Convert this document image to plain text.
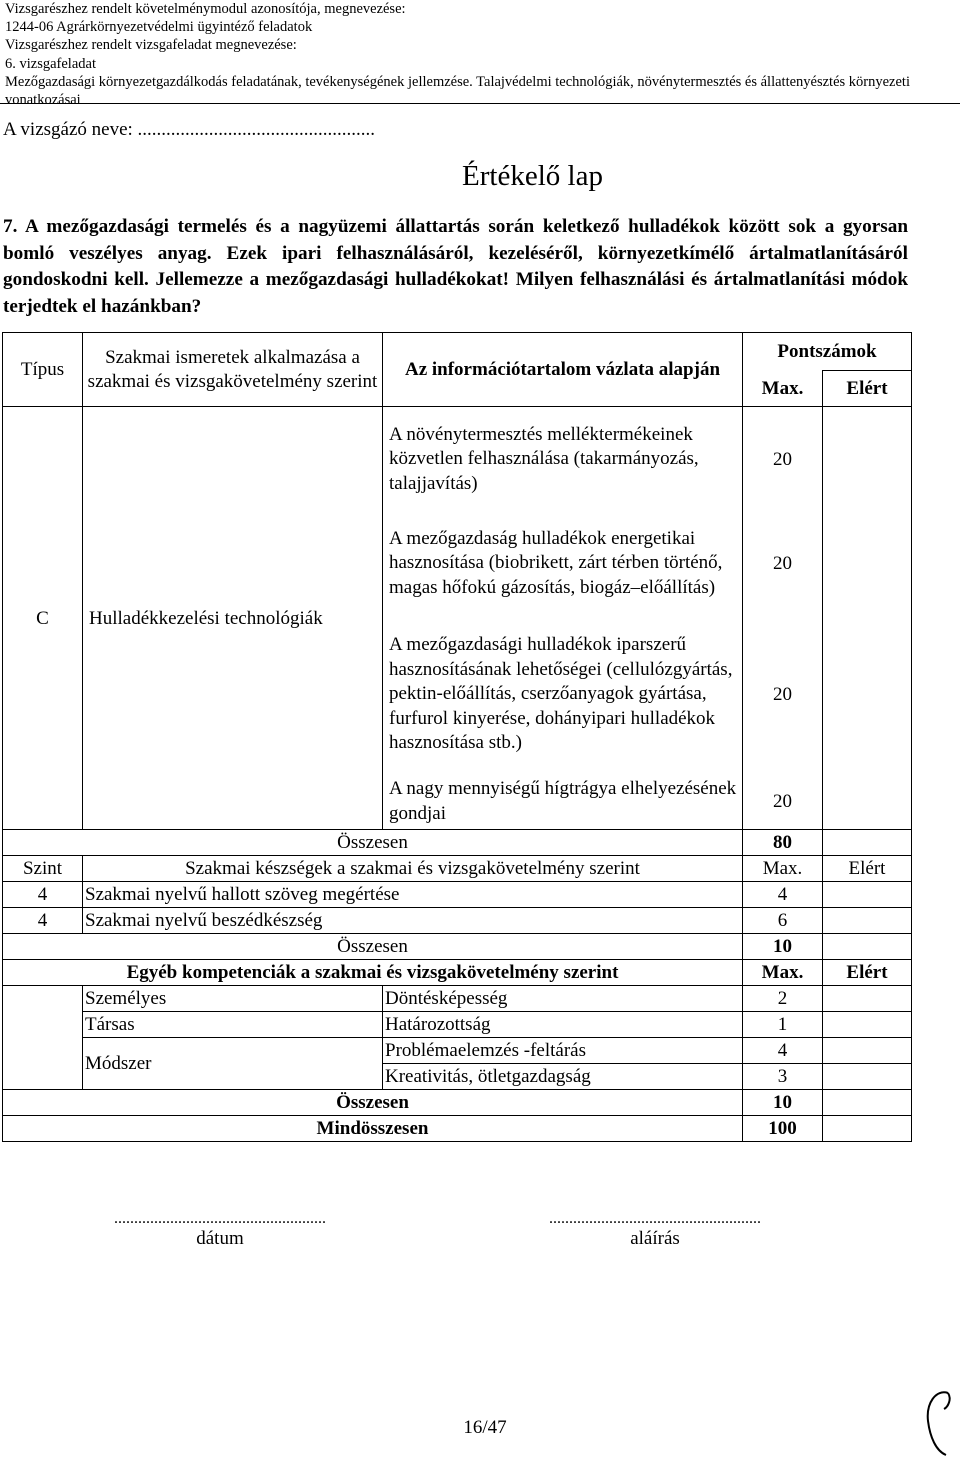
Vizsgarészhez rendelt követelménymodul azonosítója, megnevezése:
1244-06 Agrárkörnyezetvédelmi ügyintéző feladatok
Vizsgarészhez rendelt vizsgafeladat megnevezése:
6. vizsgafeladat
Mezőgazdasági környezetgazdálkodás feladatának, tevékenységének jellemzése. Talajvédelmi technológiák, növénytermesztés és állattenyésztés környezeti vonatkozásai
A vizsgázó neve: ..................................................
Értékelő lap
7. A mezőgazdasági termelés és a nagyüzemi állattartás során keletkező hulladékok között sok a gyorsan bomló veszélyes anyag. Ezek ipari felhasználásáról, kezeléséről, környezetkímélő ártalmatlanításáról gondoskodni kell. Jellemezze a mezőgazdasági hulladékokat! Milyen felhasználási és ártalmatlanítási módok terjedtek el hazánkban?
Típus	Szakmai ismeretek alkalmazása a szakmai és vizsgakövetelmény szerint	Az információtartalom vázlata alapján	Pontszámok	
			Max.	Elért
C	Hulladékkezelési technológiák	A növénytermesztés melléktermékeinek közvetlen felhasználása (takarmányozás, talajjavítás)	20	
		A mezőgazdaság hulladékok energetikai hasznosítása (biobrikett, zárt térben történő, magas hőfokú gázosítás, biogáz–előállítás)	20	
		A mezőgazdasági hulladékok iparszerű hasznosításának lehetőségei (cellulózgyártás, pektin-előállítás, cserzőanyagok gyártása, furfurol kinyerése, dohányipari hulladékok hasznosítása stb.)	20	
		A nagy mennyiségű hígtrágya elhelyezésének gondjai	20	
Összesen			80	
Szint	Szakmai készségek a szakmai és vizsgakövetelmény szerint		Max.	Elért
4	Szakmai nyelvű hallott szöveg megértése		4	
4	Szakmai nyelvű beszédkészség		6	
Összesen			10	
Egyéb kompetenciák a szakmai és vizsgakövetelmény szerint			Max.	Elért
	Személyes	Döntésképesség	2	
	Társas	Határozottság	1	
	Módszer	Problémaelemzés -feltárás	4	
		Kreativitás, ötletgazdagság	3	
Összesen			10	
Mindösszesen			100	
.....................................................
dátum
.....................................................
aláírás
16/47
